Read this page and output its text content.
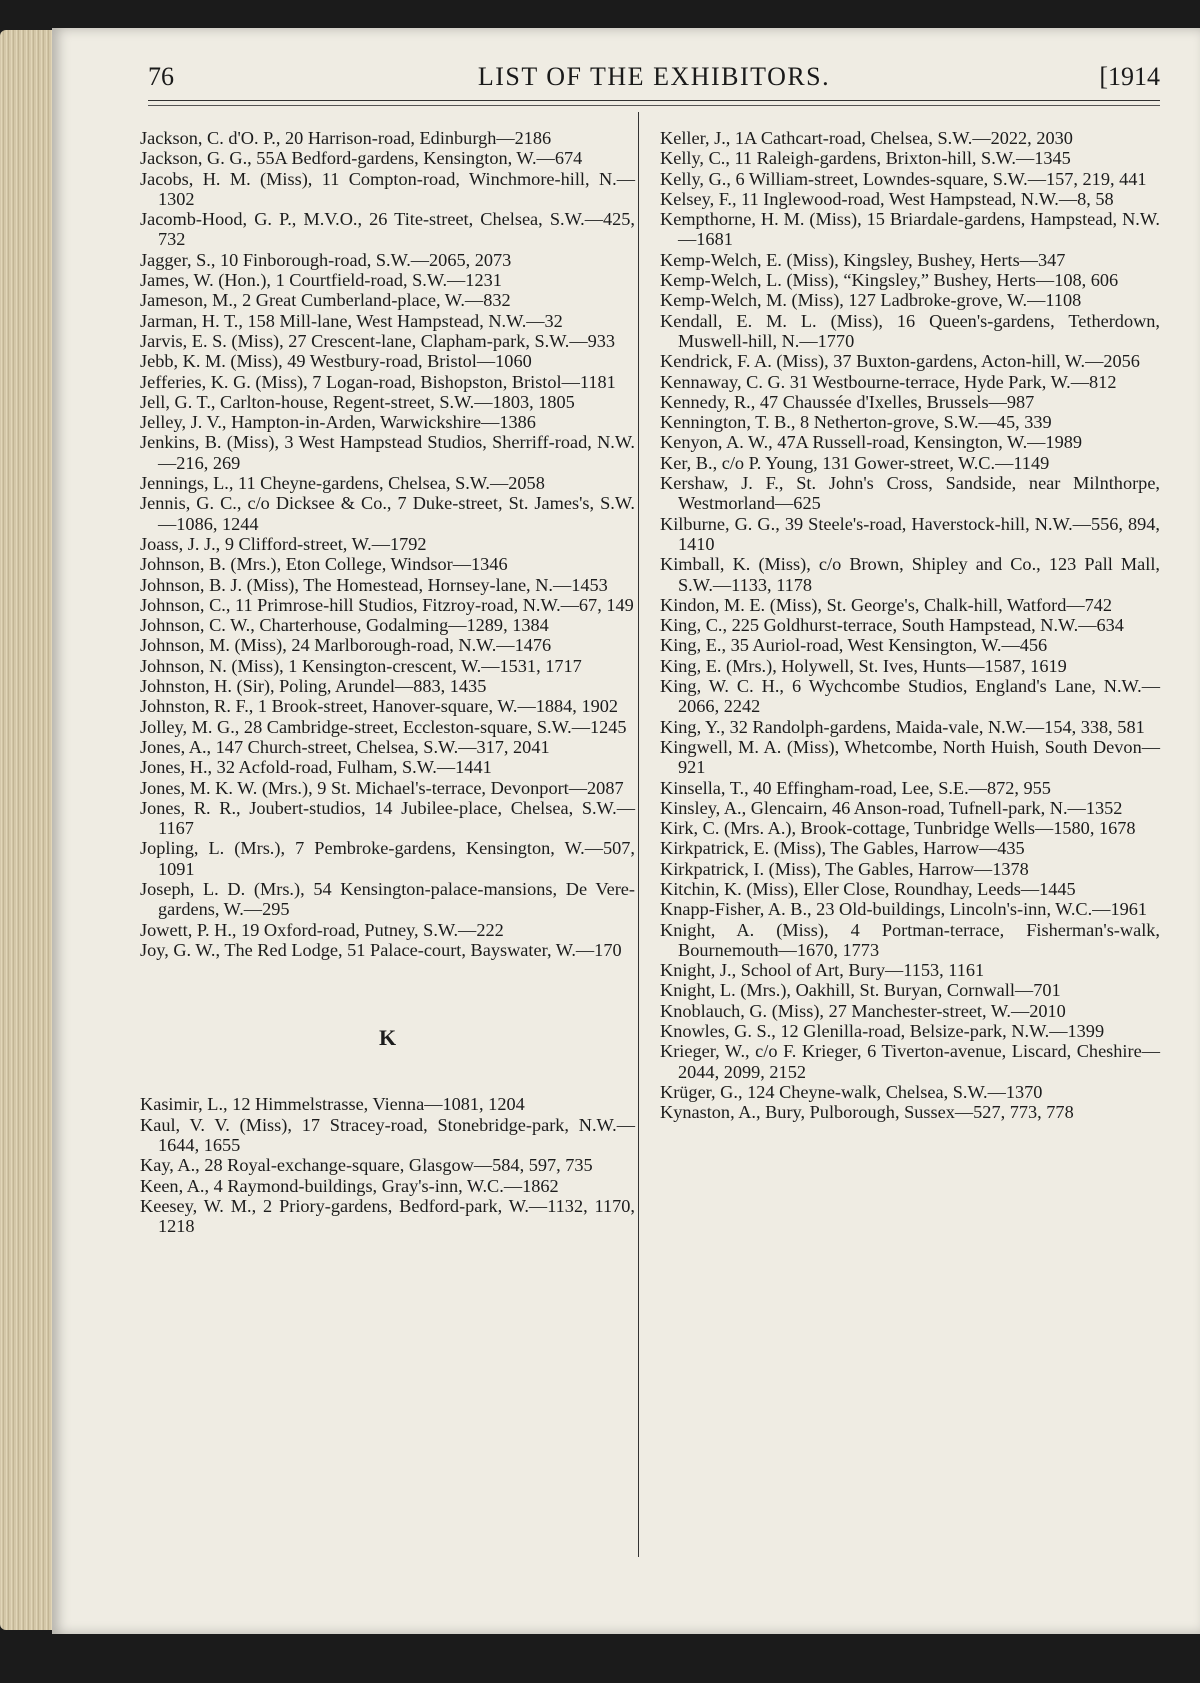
76	LIST OF THE EXHIBITORS.	[1914

Jackson, C. d'O. P., 20 Harrison-road, Edinburgh—2186

Jackson, G. G., 55A Bedford-gardens, Kensington, W.—674

Jacobs, H. M. (Miss), 11 Compton-road, Winchmore-hill, N.—1302

Jacomb-Hood, G. P., M.V.O., 26 Tite-street, Chelsea, S.W.—425, 732

Jagger, S., 10 Finborough-road, S.W.—2065, 2073

James, W. (Hon.), 1 Courtfield-road, S.W.—1231

Jameson, M., 2 Great Cumberland-place, W.—832

Jarman, H. T., 158 Mill-lane, West Hampstead, N.W.—32

Jarvis, E. S. (Miss), 27 Crescent-lane, Clapham-park, S.W.—933

Jebb, K. M. (Miss), 49 Westbury-road, Bristol—1060

Jefferies, K. G. (Miss), 7 Logan-road, Bishopston, Bristol—1181

Jell, G. T., Carlton-house, Regent-street, S.W.—1803, 1805

Jelley, J. V., Hampton-in-Arden, Warwickshire—1386

Jenkins, B. (Miss), 3 West Hampstead Studios, Sherriff-road, N.W.—216, 269

Jennings, L., 11 Cheyne-gardens, Chelsea, S.W.—2058

Jennis, G. C., c/o Dicksee & Co., 7 Duke-street, St. James's, S.W.—1086, 1244

Joass, J. J., 9 Clifford-street, W.—1792

Johnson, B. (Mrs.), Eton College, Windsor—1346

Johnson, B. J. (Miss), The Homestead, Hornsey-lane, N.—1453

Johnson, C., 11 Primrose-hill Studios, Fitzroy-road, N.W.—67, 149

Johnson, C. W., Charterhouse, Godalming—1289, 1384

Johnson, M. (Miss), 24 Marlborough-road, N.W.—1476

Johnson, N. (Miss), 1 Kensington-crescent, W.—1531, 1717

Johnston, H. (Sir), Poling, Arundel—883, 1435

Johnston, R. F., 1 Brook-street, Hanover-square, W.—1884, 1902

Jolley, M. G., 28 Cambridge-street, Eccleston-square, S.W.—1245

Jones, A., 147 Church-street, Chelsea, S.W.—317, 2041

Jones, H., 32 Acfold-road, Fulham, S.W.—1441

Jones, M. K. W. (Mrs.), 9 St. Michael's-terrace, Devonport—2087

Jones, R. R., Joubert-studios, 14 Jubilee-place, Chelsea, S.W.—1167

Jopling, L. (Mrs.), 7 Pembroke-gardens, Kensington, W.—507, 1091

Joseph, L. D. (Mrs.), 54 Kensington-palace-mansions, De Vere-gardens, W.—295

Jowett, P. H., 19 Oxford-road, Putney, S.W.—222

Joy, G. W., The Red Lodge, 51 Palace-court, Bayswater, W.—170

K

Kasimir, L., 12 Himmelstrasse, Vienna—1081, 1204

Kaul, V. V. (Miss), 17 Stracey-road, Stonebridge-park, N.W.—1644, 1655

Kay, A., 28 Royal-exchange-square, Glasgow—584, 597, 735

Keen, A., 4 Raymond-buildings, Gray's-inn, W.C.—1862

Keesey, W. M., 2 Priory-gardens, Bedford-park, W.—1132, 1170, 1218

Keller, J., 1A Cathcart-road, Chelsea, S.W.—2022, 2030

Kelly, C., 11 Raleigh-gardens, Brixton-hill, S.W.—1345

Kelly, G., 6 William-street, Lowndes-square, S.W.—157, 219, 441

Kelsey, F., 11 Inglewood-road, West Hampstead, N.W.—8, 58

Kempthorne, H. M. (Miss), 15 Briardale-gardens, Hampstead, N.W.—1681

Kemp-Welch, E. (Miss), Kingsley, Bushey, Herts—347

Kemp-Welch, L. (Miss), “Kingsley,” Bushey, Herts—108, 606

Kemp-Welch, M. (Miss), 127 Ladbroke-grove, W.—1108

Kendall, E. M. L. (Miss), 16 Queen's-gardens, Tetherdown, Muswell-hill, N.—1770

Kendrick, F. A. (Miss), 37 Buxton-gardens, Acton-hill, W.—2056

Kennaway, C. G. 31 Westbourne-terrace, Hyde Park, W.—812

Kennedy, R., 47 Chaussée d'Ixelles, Brussels—987

Kennington, T. B., 8 Netherton-grove, S.W.—45, 339

Kenyon, A. W., 47A Russell-road, Kensington, W.—1989

Ker, B., c/o P. Young, 131 Gower-street, W.C.—1149

Kershaw, J. F., St. John's Cross, Sandside, near Milnthorpe, Westmorland—625

Kilburne, G. G., 39 Steele's-road, Haverstock-hill, N.W.—556, 894, 1410

Kimball, K. (Miss), c/o Brown, Shipley and Co., 123 Pall Mall, S.W.—1133, 1178

Kindon, M. E. (Miss), St. George's, Chalk-hill, Watford—742

King, C., 225 Goldhurst-terrace, South Hampstead, N.W.—634

King, E., 35 Auriol-road, West Kensington, W.—456

King, E. (Mrs.), Holywell, St. Ives, Hunts—1587, 1619

King, W. C. H., 6 Wychcombe Studios, England's Lane, N.W.—2066, 2242

King, Y., 32 Randolph-gardens, Maida-vale, N.W.—154, 338, 581

Kingwell, M. A. (Miss), Whetcombe, North Huish, South Devon—921

Kinsella, T., 40 Effingham-road, Lee, S.E.—872, 955

Kinsley, A., Glencairn, 46 Anson-road, Tufnell-park, N.—1352

Kirk, C. (Mrs. A.), Brook-cottage, Tunbridge Wells—1580, 1678

Kirkpatrick, E. (Miss), The Gables, Harrow—435

Kirkpatrick, I. (Miss), The Gables, Harrow—1378

Kitchin, K. (Miss), Eller Close, Roundhay, Leeds—1445

Knapp-Fisher, A. B., 23 Old-buildings, Lincoln's-inn, W.C.—1961

Knight, A. (Miss), 4 Portman-terrace, Fisherman's-walk, Bournemouth—1670, 1773

Knight, J., School of Art, Bury—1153, 1161

Knight, L. (Mrs.), Oakhill, St. Buryan, Cornwall—701

Knoblauch, G. (Miss), 27 Manchester-street, W.—2010

Knowles, G. S., 12 Glenilla-road, Belsize-park, N.W.—1399

Krieger, W., c/o F. Krieger, 6 Tiverton-avenue, Liscard, Cheshire—2044, 2099, 2152

Krüger, G., 124 Cheyne-walk, Chelsea, S.W.—1370

Kynaston, A., Bury, Pulborough, Sussex—527, 773, 778
